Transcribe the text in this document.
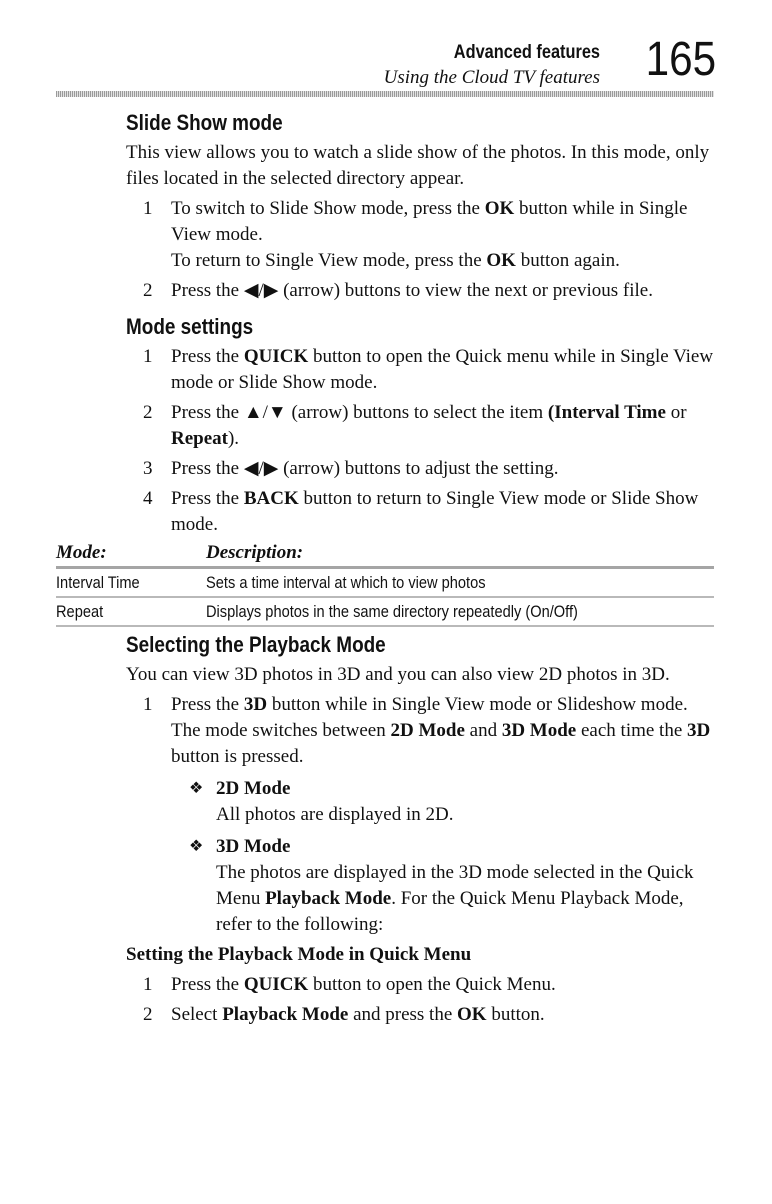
Advanced features
Using the Cloud TV features 165
Slide Show mode

This view allows you to watch a slide show of the photos. In this mode, only files located in the selected directory appear.

1 To switch to Slide Show mode, press the OK button while in Single View mode.
To return to Single View mode, press the OK button again.
2 Press the ◀/▶ (arrow) buttons to view the next or previous file.
Mode settings
1 Press the QUICK button to open the Quick menu while in Single View mode or Slide Show mode.
2 Press the ▲/▼ (arrow) buttons to select the item (Interval Time or Repeat).
3 Press the ◀/▶ (arrow) buttons to adjust the setting.
4 Press the BACK button to return to Single View mode or Slide Show mode.
Mode:	Description:
Interval Time	Sets a time interval at which to view photos
Repeat	Displays photos in the same directory repeatedly (On/Off)
Selecting the Playback Mode

You can view 3D photos in 3D and you can also view 2D photos in 3D.

1 Press the 3D button while in Single View mode or Slideshow mode. The mode switches between 2D Mode and 3D Mode each time the 3D button is pressed.
❖ 2D Mode
All photos are displayed in 2D.
❖ 3D Mode
The photos are displayed in the 3D mode selected in the Quick Menu Playback Mode. For the Quick Menu Playback Mode, refer to the following:

Setting the Playback Mode in Quick Menu

1 Press the QUICK button to open the Quick Menu.
2 Select Playback Mode and press the OK button.
